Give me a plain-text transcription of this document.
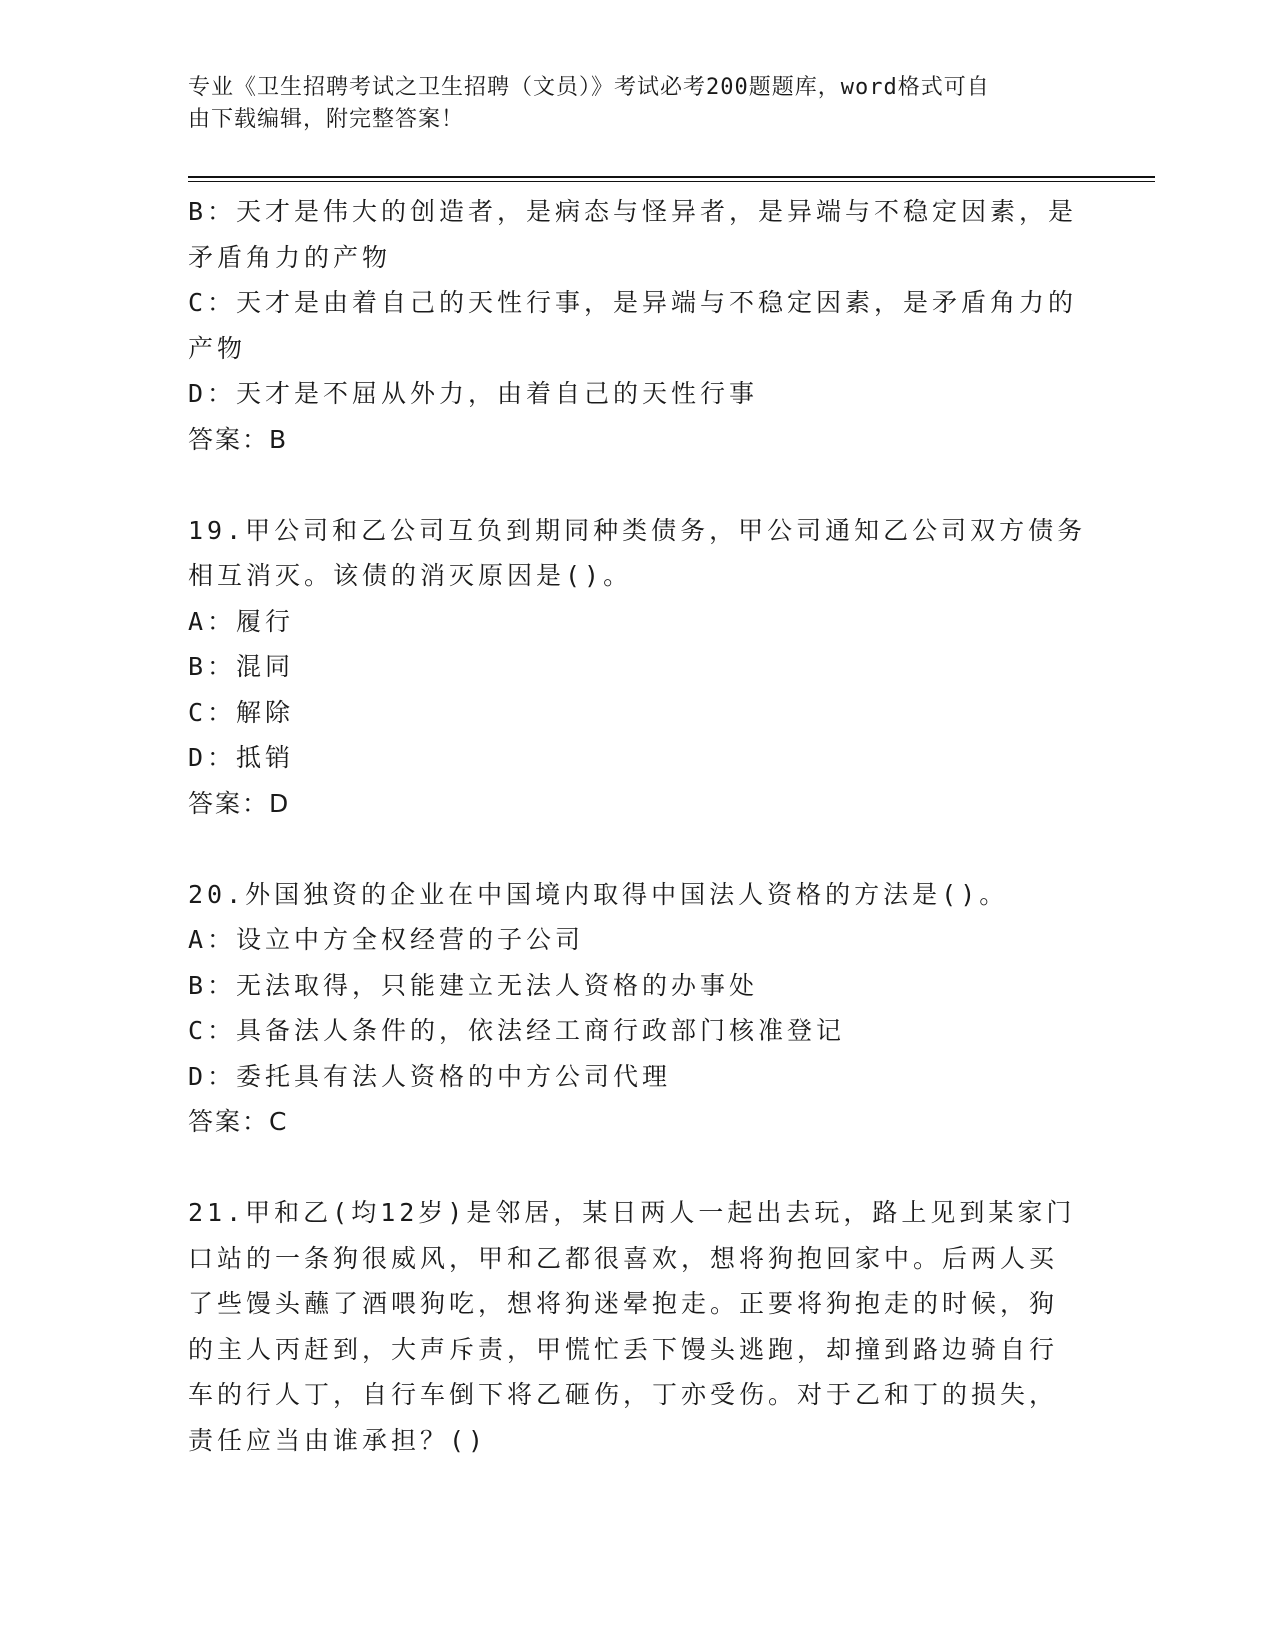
专业《卫生招聘考试之卫生招聘（文员）》考试必考200题题库，word格式可自
由下载编辑，附完整答案！
B：天才是伟大的创造者，是病态与怪异者，是异端与不稳定因素，是
矛盾角力的产物
C：天才是由着自己的天性行事，是异端与不稳定因素，是矛盾角力的
产物
D：天才是不屈从外力，由着自己的天性行事
答案：B
19.甲公司和乙公司互负到期同种类债务，甲公司通知乙公司双方债务
相互消灭。该债的消灭原因是()。
A：履行
B：混同
C：解除
D：抵销
答案：D
20.外国独资的企业在中国境内取得中国法人资格的方法是()。
A：设立中方全权经营的子公司
B：无法取得，只能建立无法人资格的办事处
C：具备法人条件的，依法经工商行政部门核准登记
D：委托具有法人资格的中方公司代理
答案：C
21.甲和乙(均12岁)是邻居，某日两人一起出去玩，路上见到某家门
口站的一条狗很威风，甲和乙都很喜欢，想将狗抱回家中。后两人买
了些馒头蘸了酒喂狗吃，想将狗迷晕抱走。正要将狗抱走的时候，狗
的主人丙赶到，大声斥责，甲慌忙丢下馒头逃跑，却撞到路边骑自行
车的行人丁，自行车倒下将乙砸伤，丁亦受伤。对于乙和丁的损失，
责任应当由谁承担？()
